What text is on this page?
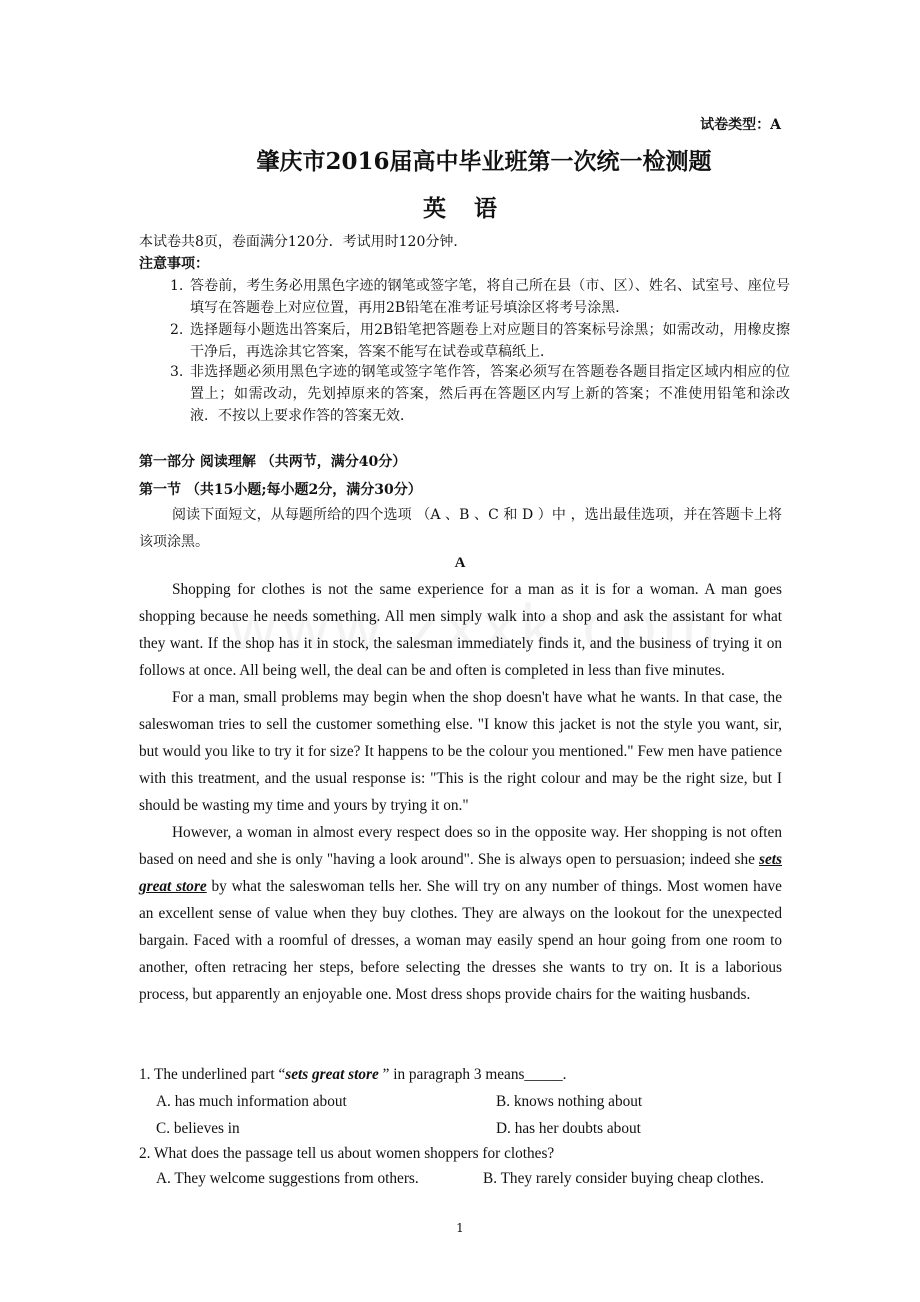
试卷类型：A
肇庆市2016届高中毕业班第一次统一检测题
英语
本试卷共8页，卷面满分120分．考试用时120分钟．
注意事项：
1. 答卷前，考生务必用黑色字迹的钢笔或签字笔，将自己所在县（市、区）、姓名、试室号、座位号填写在答题卷上对应位置，再用2B铅笔在准考证号填涂区将考号涂黑．
2. 选择题每小题选出答案后，用2B铅笔把答题卷上对应题目的答案标号涂黑；如需改动，用橡皮擦干净后，再选涂其它答案，答案不能写在试卷或草稿纸上．
3. 非选择题必须用黑色字迹的钢笔或签字笔作答，答案必须写在答题卷各题目指定区域内相应的位置上；如需改动，先划掉原来的答案，然后再在答题区内写上新的答案；不准使用铅笔和涂改液．不按以上要求作答的答案无效．
第一部分 阅读理解 （共两节，满分40分）
第一节 （共15小题;每小题2分，满分30分）

阅读下面短文，从每题所给的四个选项 （A 、B 、C 和 D ）中 ，选出最佳选项，并在答题卡上将该项涂黑。

A

Shopping for clothes is not the same experience for a man as it is for a woman. A man goes shopping because he needs something. All men simply walk into a shop and ask the assistant for what they want. If the shop has it in stock, the salesman immediately finds it, and the business of trying it on follows at once. All being well, the deal can be and often is completed in less than five minutes.

For a man, small problems may begin when the shop doesn't have what he wants. In that case, the saleswoman tries to sell the customer something else. "I know this jacket is not the style you want, sir, but would you like to try it for size? It happens to be the colour you mentioned." Few men have patience with this treatment, and the usual response is: "This is the right colour and may be the right size, but I should be wasting my time and yours by trying it on."

However, a woman in almost every respect does so in the opposite way. Her shopping is not often based on need and she is only "having a look around". She is always open to persuasion; indeed she sets great store by what the saleswoman tells her. She will try on any number of things. Most women have an excellent sense of value when they buy clothes. They are always on the lookout for the unexpected bargain. Faced with a roomful of dresses, a woman may easily spend an hour going from one room to another, often retracing her steps, before selecting the dresses she wants to try on. It is a laborious process, but apparently an enjoyable one. Most dress shops provide chairs for the waiting husbands.

1. The underlined part “sets great store ” in paragraph 3 means_____.
A. has much information about	B. knows nothing about
C. believes in	D. has her doubts about
2. What does the passage tell us about women shoppers for clothes?
A. They welcome suggestions from others.	B. They rarely consider buying cheap clothes.
1
